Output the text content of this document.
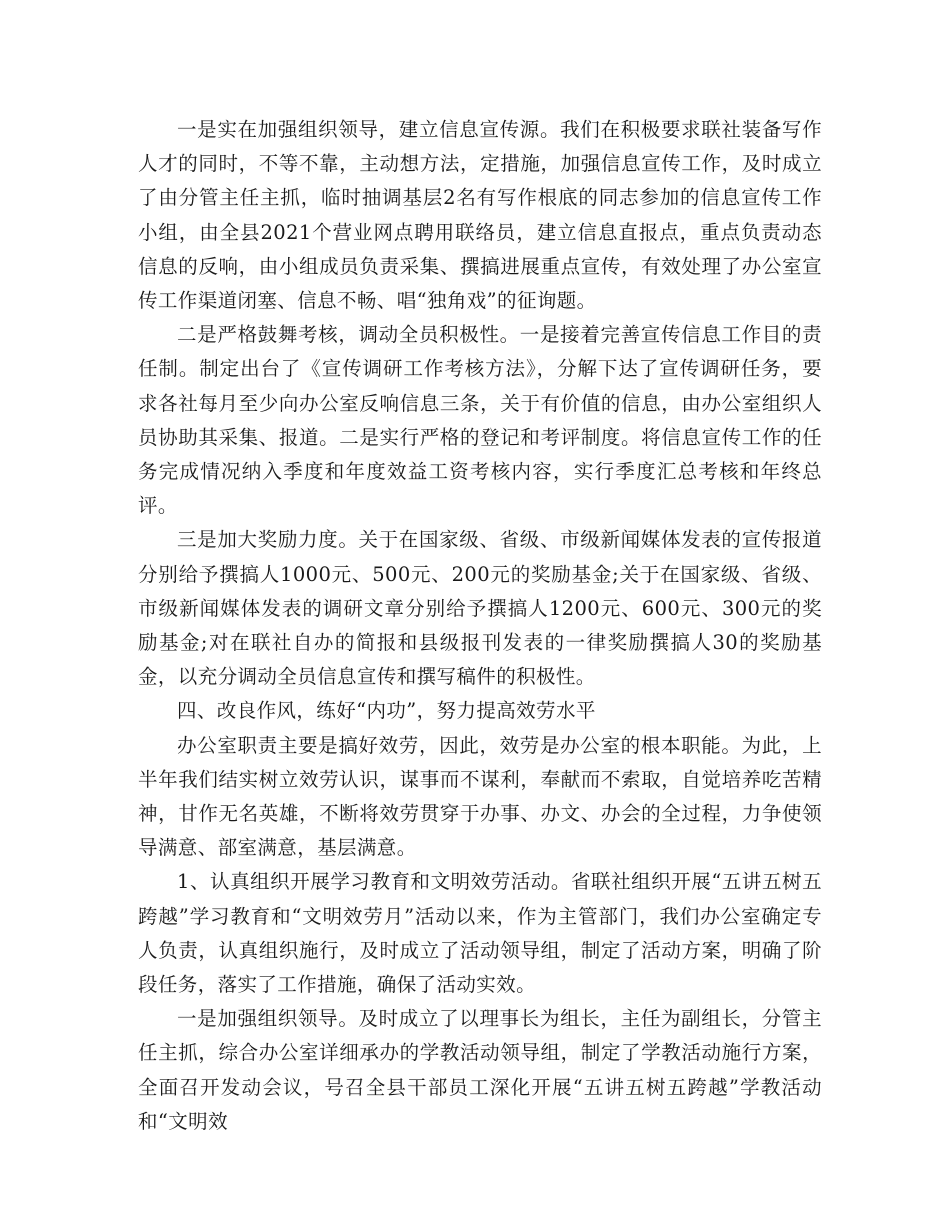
一是实在加强组织领导，建立信息宣传源。我们在积极要求联社装备写作人才的同时，不等不靠，主动想方法，定措施，加强信息宣传工作，及时成立了由分管主任主抓，临时抽调基层2名有写作根底的同志参加的信息宣传工作小组，由全县2021个营业网点聘用联络员，建立信息直报点，重点负责动态信息的反响，由小组成员负责采集、撰搞进展重点宣传，有效处理了办公室宣传工作渠道闭塞、信息不畅、唱“独角戏”的征询题。

二是严格鼓舞考核，调动全员积极性。一是接着完善宣传信息工作目的责任制。制定出台了《宣传调研工作考核方法》，分解下达了宣传调研任务，要求各社每月至少向办公室反响信息三条，关于有价值的信息，由办公室组织人员协助其采集、报道。二是实行严格的登记和考评制度。将信息宣传工作的任务完成情况纳入季度和年度效益工资考核内容，实行季度汇总考核和年终总评。

三是加大奖励力度。关于在国家级、省级、市级新闻媒体发表的宣传报道分别给予撰搞人1000元、500元、200元的奖励基金;关于在国家级、省级、市级新闻媒体发表的调研文章分别给予撰搞人1200元、600元、300元的奖励基金;对在联社自办的简报和县级报刊发表的一律奖励撰搞人30的奖励基金，以充分调动全员信息宣传和撰写稿件的积极性。

四、改良作风，练好“内功”，努力提高效劳水平

办公室职责主要是搞好效劳，因此，效劳是办公室的根本职能。为此，上半年我们结实树立效劳认识，谋事而不谋利，奉献而不索取，自觉培养吃苦精神，甘作无名英雄，不断将效劳贯穿于办事、办文、办会的全过程，力争使领导满意、部室满意，基层满意。

1、认真组织开展学习教育和文明效劳活动。省联社组织开展“五讲五树五跨越”学习教育和“文明效劳月”活动以来，作为主管部门，我们办公室确定专人负责，认真组织施行，及时成立了活动领导组，制定了活动方案，明确了阶段任务，落实了工作措施，确保了活动实效。

一是加强组织领导。及时成立了以理事长为组长，主任为副组长，分管主任主抓，综合办公室详细承办的学教活动领导组，制定了学教活动施行方案，全面召开发动会议，号召全县干部员工深化开展“五讲五树五跨越”学教活动和“文明效
